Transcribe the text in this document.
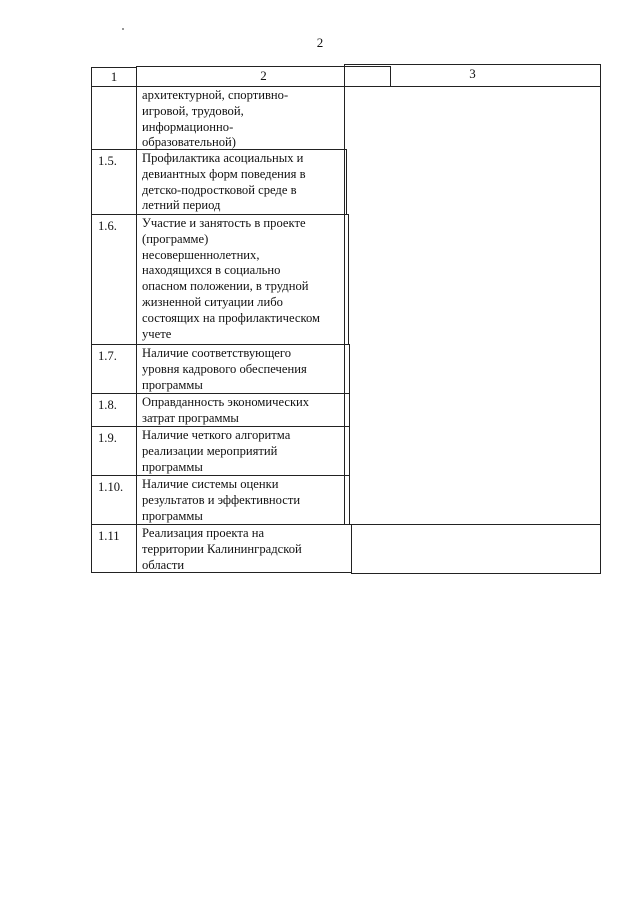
2
1	2	3
архитектурной, спортивно-
игровой, трудовой,
информационно-
образовательной)
1.5.	Профилактика асоциальных и
девиантных форм поведения в
детско-подростковой среде в
летний период
1.6.	Участие и занятость в проекте
(программе)
несовершеннолетних,
находящихся в социально
опасном положении, в трудной
жизненной ситуации либо
состоящих на профилактическом
учете
1.7.	Наличие соответствующего
уровня кадрового обеспечения
программы
1.8.	Оправданность экономических
затрат программы
1.9.	Наличие четкого алгоритма
реализации мероприятий
программы
1.10.	Наличие системы оценки
результатов и эффективности
программы
1.11	Реализация проекта на
территории Калининградской
области
